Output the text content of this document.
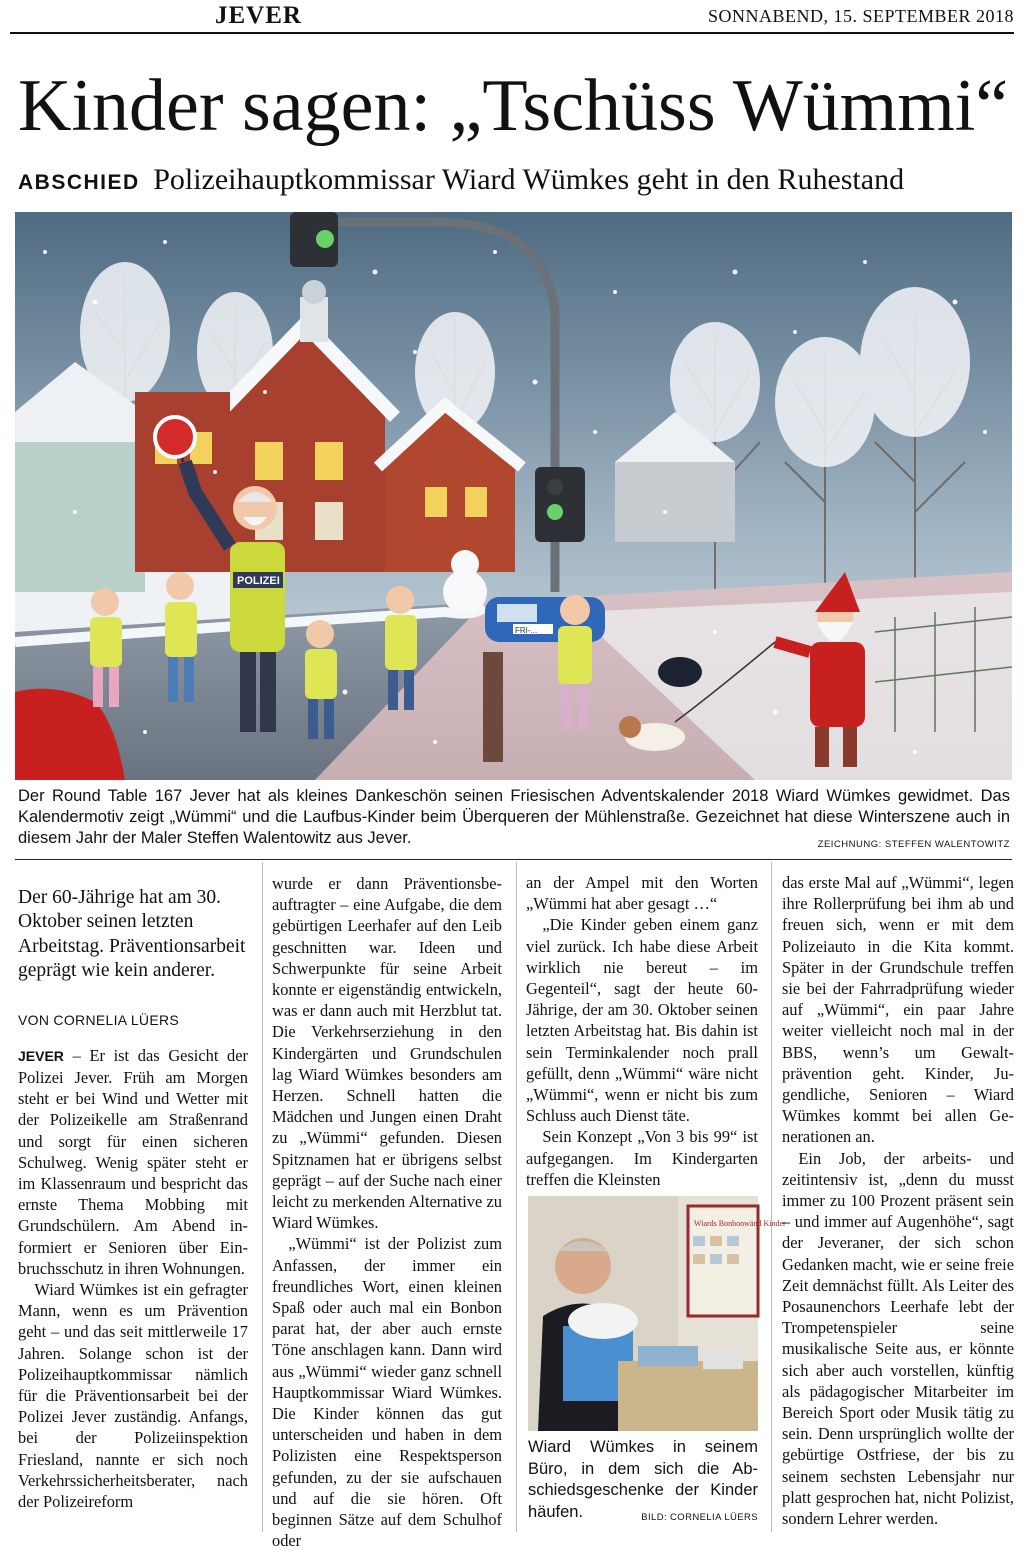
JEVER	SONNABEND, 15. SEPTEMBER 2018
Kinder sagen: „Tschüss Wümmi“
ABSCHIED Polizeihauptkommissar Wiard Wümkes geht in den Ruhestand
FRI-...
POLIZEI
Der Round Table 167 Jever hat als kleines Dankeschön seinen Friesischen Adventskalender 2018 Wiard Wümkes gewidmet. Das Kalendermotiv zeigt „Wümmi“ und die Laufbus-Kinder beim Überqueren der Mühlenstraße. Gezeichnet hat diese Winterszene auch in diesem Jahr der Maler Steffen Walentowitz aus Jever.	ZEICHNUNG: STEFFEN WALENTOWITZ
Der 60-Jährige hat am 30. Oktober seinen letzten Arbeitstag. Präventionsarbeit geprägt wie kein anderer.
VON CORNELIA LÜERS

JEVER – Er ist das Gesicht der Polizei Jever. Früh am Morgen steht er bei Wind und Wetter mit der Polizeikelle am Straßenrand und sorgt für einen sicheren Schulweg. Wenig später steht er im Klassenraum und bespricht das ernste Thema Mobbing mit Grundschülern. Am Abend informiert er Senioren über Einbruchsschutz in ihren Wohnungen.

Wiard Wümkes ist ein gefragter Mann, wenn es um Prävention geht – und das seit mittlerweile 17 Jahren. Solange schon ist der Polizeihauptkommissar nämlich für die Präventionsarbeit bei der Polizei Jever zuständig. Anfangs, bei der Polizeiinspektion Friesland, nannte er sich noch Verkehrssicherheitsberater, nach der Polizeireform

wurde er dann Präventionsbeauftragter – eine Aufgabe, die dem gebürtigen Leerhafer auf den Leib geschnitten war. Ideen und Schwerpunkte für seine Arbeit konnte er eigenständig entwickeln, was er dann auch mit Herzblut tat. Die Verkehrserziehung in den Kindergärten und Grundschulen lag Wiard Wümkes besonders am Herzen. Schnell hatten die Mädchen und Jungen einen Draht zu „Wümmi“ gefunden. Diesen Spitznamen hat er übrigens selbst geprägt – auf der Suche nach einer leicht zu merkenden Alternative zu Wiard Wümkes.

„Wümmi“ ist der Polizist zum Anfassen, der immer ein freundliches Wort, einen kleinen Spaß oder auch mal ein Bonbon parat hat, der aber auch ernste Töne anschlagen kann. Dann wird aus „Wümmi“ wieder ganz schnell Hauptkommissar Wiard Wümkes. Die Kinder können das gut unterscheiden und haben in dem Polizisten eine Respektsperson gefunden, zu der sie aufschauen und auf die sie hören. Oft beginnen Sätze auf dem Schulhof oder

an der Ampel mit den Worten „Wümmi hat aber gesagt …“

„Die Kinder geben einem ganz viel zurück. Ich habe diese Arbeit wirklich nie bereut – im Gegenteil“, sagt der heute 60-Jährige, der am 30. Oktober seinen letzten Arbeitstag hat. Bis dahin ist sein Terminkalender noch prall gefüllt, denn „Wümmi“ wäre nicht „Wümmi“, wenn er nicht bis zum Schluss auch Dienst täte.

Sein Konzept „Von 3 bis 99“ ist aufgegangen. Im Kindergarten treffen die Kleinsten

Wiards Bonbonwänd Kinder
Wiard Wümkes in seinem Büro, in dem sich die Abschiedsgeschenke der Kinder häufen.	BILD: CORNELIA LÜERS

das erste Mal auf „Wümmi“, legen ihre Rollerprüfung bei ihm ab und freuen sich, wenn er mit dem Polizeiauto in die Kita kommt. Später in der Grundschule treffen sie bei der Fahrradprüfung wieder auf „Wümmi“, ein paar Jahre weiter vielleicht noch mal in der BBS, wenn’s um Gewaltprävention geht. Kinder, Jugendliche, Senioren – Wiard Wümkes kommt bei allen Generationen an.

Ein Job, der arbeits- und zeitintensiv ist, „denn du musst immer zu 100 Prozent präsent sein – und immer auf Augenhöhe“, sagt der Jeveraner, der sich schon Gedanken macht, wie er seine freie Zeit demnächst füllt. Als Leiter des Posaunenchors Leerhafe lebt der Trompetenspieler seine musikalische Seite aus, er könnte sich aber auch vorstellen, künftig als pädagogischer Mitarbeiter im Bereich Sport oder Musik tätig zu sein. Denn ursprünglich wollte der gebürtige Ostfriese, der bis zu seinem sechsten Lebensjahr nur platt gesprochen hat, nicht Polizist, sondern Lehrer werden.
